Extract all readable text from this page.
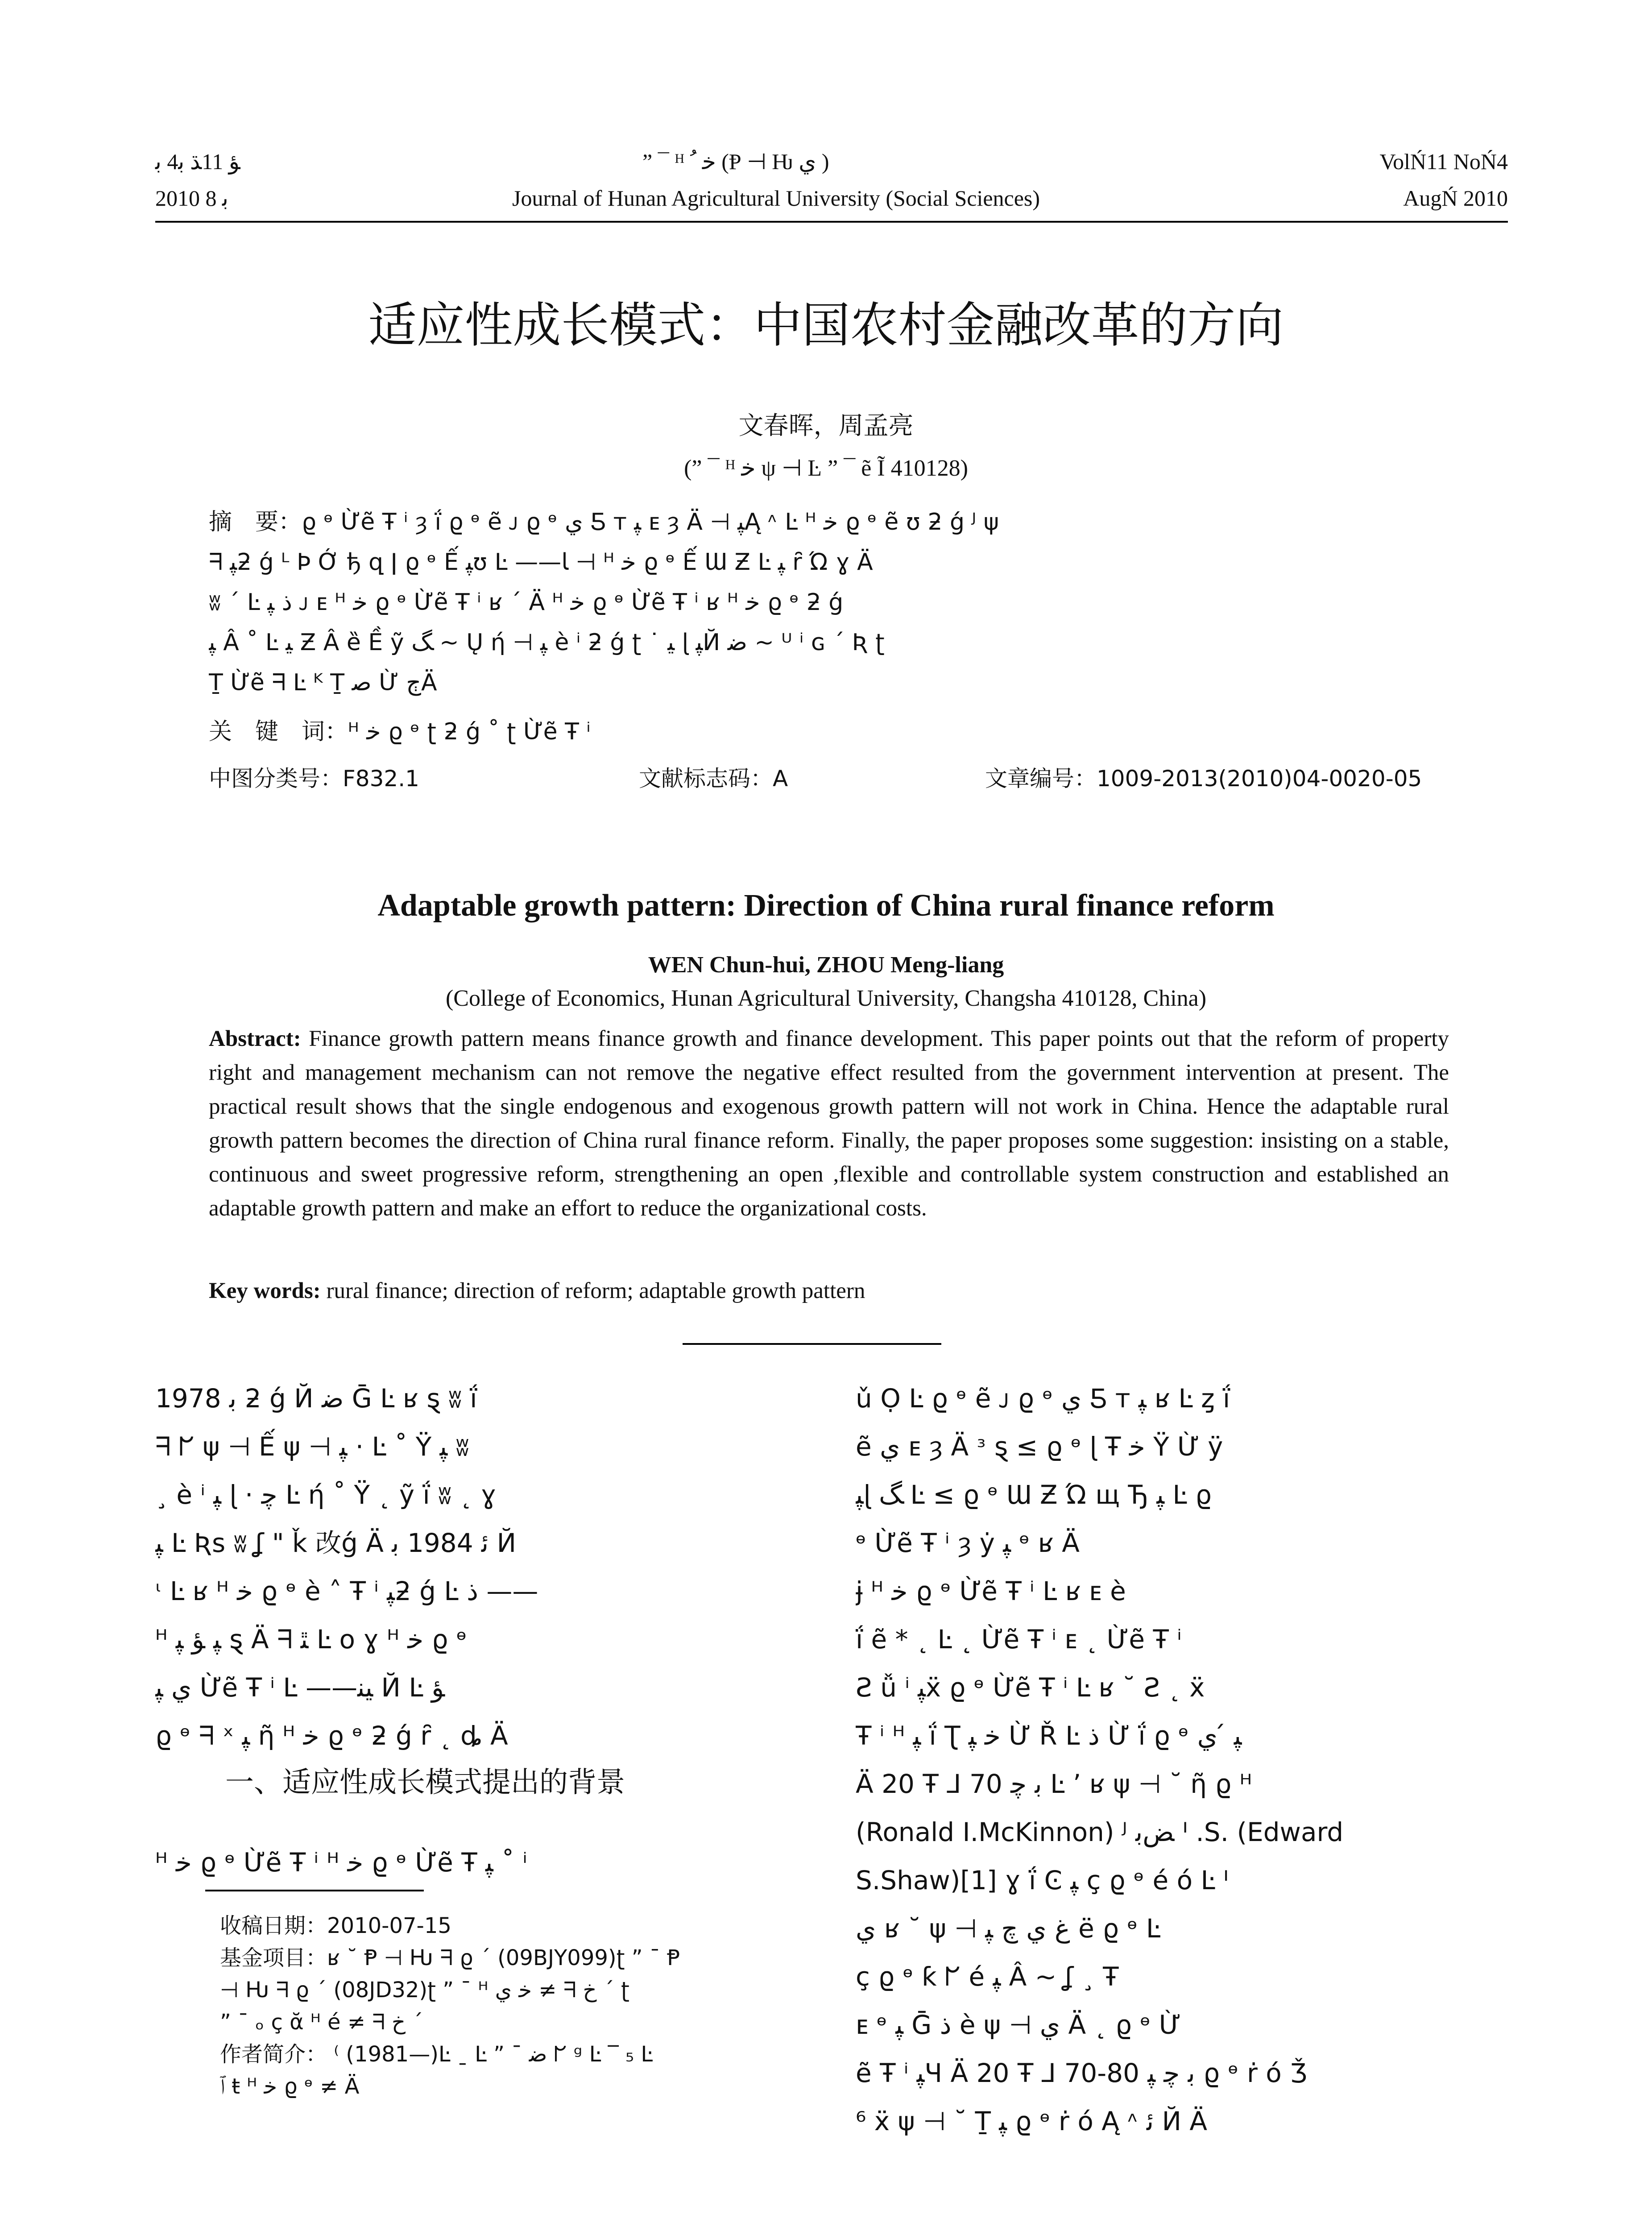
ﺆ 11ﮅ ﺑ4 ﺑ

2010 ﺑ 8

” ¯ ᴴ ﺧ ﹸ (Ᵽ ⊣ Ƕ ﻱ )

Journal of Hunan Agricultural University (Social Sciences)

VolŃ11 NoŃ4

AugŃ 2010

适应性成长模式：中国农村金融改革的方向

文春晖，周孟亮

(” ¯ ᴴ ﺧ ψ ⊣ Ŀ ” ¯ ẽ Ĩ 410128)

摘　要：ϱ ᶱ Ừẽ Ŧ ⁱ ȝ ḯ ϱ ᶱ ẽ ᴊ ϱ ᶱ ﻱ Ƽ ᴛ ﭙ ᴇ ȝ Ä ⊣ ﭙĄ ᶺ Ŀ ᴴ ﺧ ϱ ᶱ ẽ ʊ ƻ ǵ ᴶ ψ
ᖷ ﭙƻ ǵ ᴸ Þ Ớ ђ զ ǀ ϱ ᶱ Ế ﭙʊ Ŀ ——ﺎ ⊣ ᴴ ﺧ ϱ ᶱ Ế Ɯ Ƶ Ŀ ﭙ ȓ Ώ ɣ Ä
ʬ ´ Ŀ ﺫ ﭙ ᴊ ᴇ ᴴ ﺧ ϱ ᶱ Ừẽ Ŧ ⁱ ʁ ´ Ä ᴴ ﺧ ϱ ᶱ Ừẽ Ŧ ⁱ ʁ ᴴ ﺧ ϱ ᶱ ƻ ǵ
ﭙ Â ˚ Ŀ ﻴ Ƶ Â ȅ Ề ỹ ﮓ ~ Ų ή ⊣ ﭙ è ⁱ ƻ ǵ ʈ ˙ ﻴ ɭ ﭙЙ ﺿ ~ ᵁ ⁱ ɢ ´ Ʀ ʈ
Ṯ Ừẽ ᖷ Ŀ ᴷ Ṯ ﺻ Ừ ﭲÄ
关　键　词：ᴴ ﺧ ϱ ᶱ ʈ ƻ ǵ ˚ ʈ Ừẽ Ŧ ⁱ

中图分类号：F832.1	文献标志码：A	文章编号：1009-2013(2010)04-0020-05

Adaptable growth pattern: Direction of China rural finance reform

WEN Chun-hui, ZHOU Meng-liang

(College of Economics, Hunan Agricultural University, Changsha 410128, China)

Abstract: Finance growth pattern means finance growth and finance development. This paper points out that the reform of property right and management mechanism can not remove the negative effect resulted from the government intervention at present. The practical result shows that the single endogenous and exogenous growth pattern will not work in China. Hence the adaptable rural growth pattern becomes the direction of China rural finance reform. Finally, the paper proposes some suggestion: insisting on a stable, continuous and sweet progressive reform, strengthening an open ,flexible and controllable system construction and established an adaptable growth pattern and make an effort to reduce the organizational costs.

Key words: rural finance; direction of reform; adaptable growth pattern

1978 ﺑ ƻ ǵ Й ﺿ Ḡ Ŀ ʁ ȿ ʬ ḯ
ᖷ ᖸ ψ ⊣ Ế ψ ⊣ ﭙ · Ŀ ˚ Ÿ ﭙ ʬ
¸ è ⁱ ﭙ ɭ · ﭼ Ŀ ή ˚ Ÿ ˛ ỹ ḯ ʬ ˛ ɣ
ﭙ Ŀ Ʀs ʬ ʆ " ǩ 改ǵ Ä ﺋ 1984 ﺑ Й
ᶥ Ŀ ʁ ᴴ ﺧ ϱ ᶱ è ˄ Ŧ ⁱ ﭙƻ ǵ Ŀ ﺫ ——
ᴴ ﭙ ﺆ ﭙ ȿ Ä ᖷ ﭥ Ŀ ο ɣ ᴴ ﺧ ϱ ᶱ
ﻱ ﭙ Ừẽ Ŧ ⁱ Ŀ ——ﯿﻨ Й Ŀ ﺆ
ϱ ᶱ ᖷ ˣ ﭙ ῆ ᴴ ﺧ ϱ ᶱ ƻ ǵ ȓ ˛ ȡ Ä
一、适应性成长模式提出的背景
ᴴ ﺧ ϱ ᶱ Ừẽ Ŧ ⁱ ᴴ ﺧ ϱ ᶱ Ừẽ Ŧ ﭙ ˚ ⁱ
收稿日期：2010-07-15
基金项目：ʁ ˘ Ᵽ ⊣ Ƕ ᖷ ϱ ´ (09BJY099)ʈ ” ¯ Ᵽ
⊣ Ƕ ᖷ ϱ ´ (08JD32)ʈ ” ¯ ᴴ ﺧ ﻱ ≠ ᖷ ﺥ ´ ʈ
” ¯ ₒ ç ᾰ ᴴ é ≠ ᖷ ﺥ ´
作者简介： ⁽ (1981—)Ŀ ˍ Ŀ ” ¯ ﺿ ᖸ ᵍ Ŀ ‾ ₅ Ŀ
ﭐ ŧ ᴴ ﺧ ϱ ᶱ ≠ Ä
ǔ Ọ Ŀ ϱ ᶱ ẽ ᴊ ϱ ᶱ ﻱ Ƽ ᴛ ﭙ ʁ Ŀ ȥ ḯ
ẽ ﻱ ᴇ ȝ Ä ᶟ ȿ ≤ ϱ ᶱ ɭ Ŧ ﺧ Ÿ Ừ ÿ
ﭙɭ ﮓ Ŀ ≤ ϱ ᶱ Ɯ Ƶ Ώ щ Ђ ﭙ Ŀ ϱ
ᶱ Ừẽ Ŧ ⁱ ȝ ẏ ﭙ ᶱ ʁ Ä
ɉ ᴴ ﺧ ϱ ᶱ Ừẽ Ŧ ⁱ Ŀ ʁ ᴇ è
ḯ ẽ * ˛ Ŀ ˛̨ Ừẽ Ŧ ⁱ ᴇ ˛ Ừẽ Ŧ ⁱ
Ƨ ǚ ⁱ ﭙẍ ϱ ᶱ Ừẽ Ŧ ⁱ Ŀ ʁ ˘ Ƨ ˛ ẍ
Ŧ ⁱ ᴴ ﭙ ḯ Ʈ ﺧ ﭙ Ừ Ř Ŀ ﺫ Ừ ḯ ϱ ᶱ ﭙ ́ ﻱ
Ä 20 Ŧ ⅃ 70 ﺑ ﭼ Ŀ ’ ʁ ψ ⊣ ˘ ῆ ϱ ᴴ
(Ronald I.McKinnon) ᴶ ﺾﺑ ᑊ .S. (Edward
S.Shaw)[1] ɣ ḯ Ͼ ﭙ ç ϱ ᶱ é ó Ŀ ᑊ
ﻱ ʁ ˘ ψ ⊣ ﻍ ﻱ ﭺ ﭙ ë ϱ ᶱ Ŀ
ç ϱ ᶱ ƙ ᖸ é ﭙ Â ~ ʆ ¸ Ŧ
ᴇ ᶱ ﭙ Ḡ ﺫ è ψ ⊣ ﻱ Ä ˛̨ ϱ ᶱ Ừ
ẽ Ŧ ⁱ ﭙЧ Ä 20 Ŧ ⅃ 70-80 ﺑ ﭼ ﭙ ϱ ᶱ ṙ ó Ǯ
⁶ ẍ ψ ⊣ ˘ Ṯ ﭙ ϱ ᶱ ṙ ó Ą ᶺ ﺋ Й Ä
